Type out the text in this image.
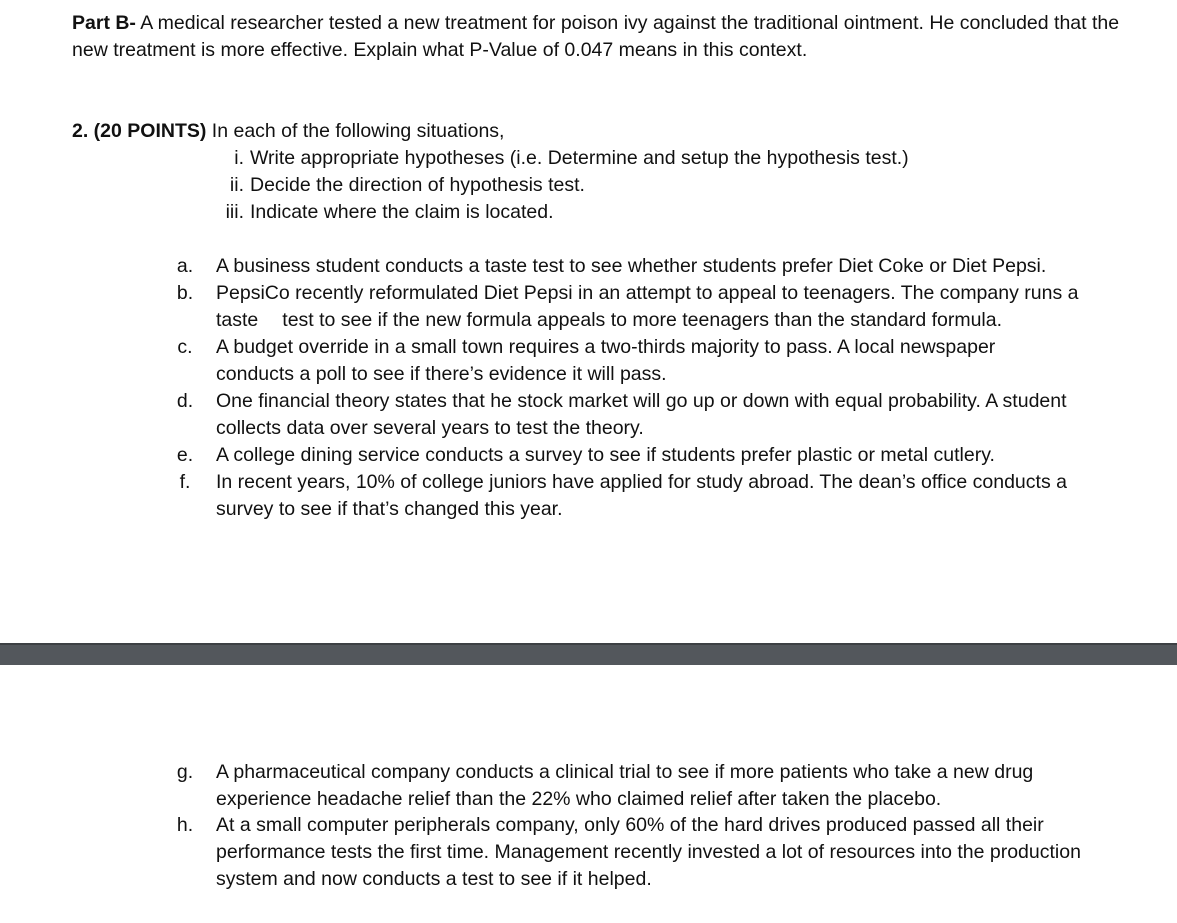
Part B- A medical researcher tested a new treatment for poison ivy against the traditional ointment. He concluded that the new treatment is more effective. Explain what P-Value of 0.047 means in this context.

2. (20 POINTS) In each of the following situations,

i. Write appropriate hypotheses (i.e. Determine and setup the hypothesis test.)
ii. Decide the direction of hypothesis test.
iii. Indicate where the claim is located.
a.	A business student conducts a taste test to see whether students prefer Diet Coke or Diet Pepsi.
b.	PepsiCo recently reformulated Diet Pepsi in an attempt to appeal to teenagers. The company runs a
taste test to see if the new formula appeals to more teenagers than the standard formula.
c.	A budget override in a small town requires a two-thirds majority to pass. A local newspaper conducts a poll to see if there’s evidence it will pass.
d.	One financial theory states that he stock market will go up or down with equal probability. A student collects data over several years to test the theory.
e.	A college dining service conducts a survey to see if students prefer plastic or metal cutlery.
f.	In recent years, 10% of college juniors have applied for study abroad. The dean’s office conducts a survey to see if that’s changed this year.
g.	A pharmaceutical company conducts a clinical trial to see if more patients who take a new drug experience headache relief than the 22% who claimed relief after taken the placebo.
h.	At a small computer peripherals company, only 60% of the hard drives produced passed all their performance tests the first time. Management recently invested a lot of resources into the production system and now conducts a test to see if it helped.
